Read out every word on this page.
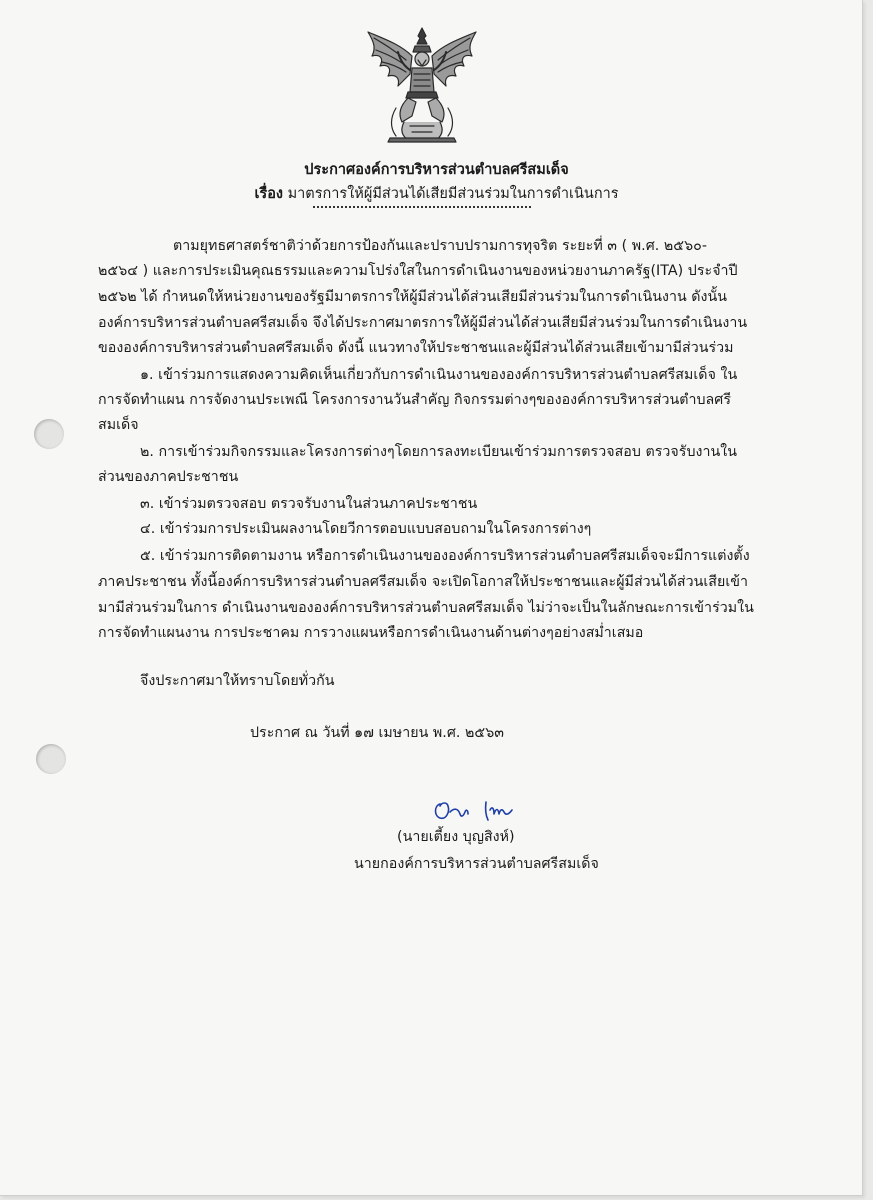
ประกาศองค์การบริหารส่วนตำบลศรีสมเด็จ
เรื่อง มาตรการให้ผู้มีส่วนได้เสียมีส่วนร่วมในการดำเนินการ
ตามยุทธศาสตร์ชาติว่าด้วยการป้องกันและปราบปรามการทุจริต ระยะที่ ๓ ( พ.ศ. ๒๕๖๐-
๒๕๖๔ ) และการประเมินคุณธรรมและความโปร่งใสในการดำเนินงานของหน่วยงานภาครัฐ(ITA) ประจำปี
๒๕๖๒ ได้ กำหนดให้หน่วยงานของรัฐมีมาตรการให้ผู้มีส่วนได้ส่วนเสียมีส่วนร่วมในการดำเนินงาน ดังนั้น
องค์การบริหารส่วนตำบลศรีสมเด็จ จึงได้ประกาศมาตรการให้ผู้มีส่วนได้ส่วนเสียมีส่วนร่วมในการดำเนินงาน
ขององค์การบริหารส่วนตำบลศรีสมเด็จ ดังนี้ แนวทางให้ประชาชนและผู้มีส่วนได้ส่วนเสียเข้ามามีส่วนร่วม
๑. เข้าร่วมการแสดงความคิดเห็นเกี่ยวกับการดำเนินงานขององค์การบริหารส่วนตำบลศรีสมเด็จ ใน
การจัดทำแผน การจัดงานประเพณี โครงการงานวันสำคัญ กิจกรรมต่างๆขององค์การบริหารส่วนตำบลศรี
สมเด็จ
๒. การเข้าร่วมกิจกรรมและโครงการต่างๆโดยการลงทะเบียนเข้าร่วมการตรวจสอบ ตรวจรับงานใน
ส่วนของภาคประชาชน
๓. เข้าร่วมตรวจสอบ ตรวจรับงานในส่วนภาคประชาชน
๔. เข้าร่วมการประเมินผลงานโดยวีการตอบแบบสอบถามในโครงการต่างๆ
๕. เข้าร่วมการติดตามงาน หรือการดำเนินงานขององค์การบริหารส่วนตำบลศรีสมเด็จจะมีการแต่งตั้ง
ภาคประชาชน ทั้งนี้องค์การบริหารส่วนตำบลศรีสมเด็จ จะเปิดโอกาสให้ประชาชนและผู้มีส่วนได้ส่วนเสียเข้า
มามีส่วนร่วมในการ ดำเนินงานขององค์การบริหารส่วนตำบลศรีสมเด็จ ไม่ว่าจะเป็นในลักษณะการเข้าร่วมใน
การจัดทำแผนงาน การประชาคม การวางแผนหรือการดำเนินงานด้านต่างๆอย่างสม่ำเสมอ
จึงประกาศมาให้ทราบโดยทั่วกัน
ประกาศ ณ วันที่ ๑๗ เมษายน พ.ศ. ๒๕๖๓
(นายเตี้ยง บุญสิงห์)
นายกองค์การบริหารส่วนตำบลศรีสมเด็จ
